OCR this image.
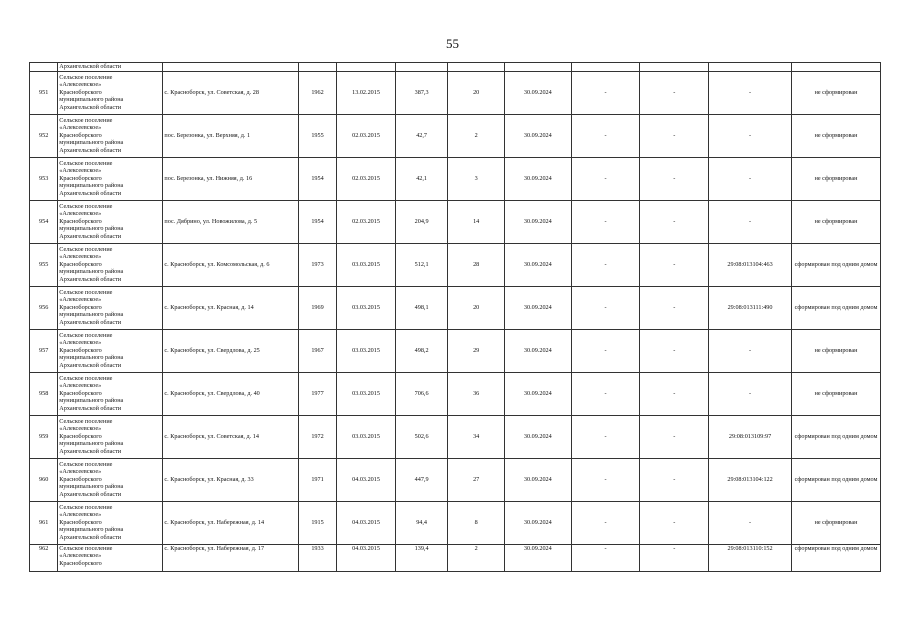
55
	Архангельской области										
951	Сельское поселение
«Алексеевское»
Красноборского
муниципального района
Архангельской области	с. Красноборск, ул. Советская, д. 28	1962	13.02.2015	387,3	20	30.09.2024	-	-	-	не сформирован
952	Сельское поселение
«Алексеевское»
Красноборского
муниципального района
Архангельской области	пос. Березонка, ул. Верхняя, д. 1	1955	02.03.2015	42,7	2	30.09.2024	-	-	-	не сформирован
953	Сельское поселение
«Алексеевское»
Красноборского
муниципального района
Архангельской области	пос. Березонка, ул. Нижняя, д. 16	1954	02.03.2015	42,1	3	30.09.2024	-	-	-	не сформирован
954	Сельское поселение
«Алексеевское»
Красноборского
муниципального района
Архангельской области	пос. Дябрино, ул. Новожилова, д. 5	1954	02.03.2015	204,9	14	30.09.2024	-	-	-	не сформирован
955	Сельское поселение
«Алексеевское»
Красноборского
муниципального района
Архангельской области	с. Красноборск, ул. Комсомольская, д. 6	1973	03.03.2015	512,1	28	30.09.2024	-	-	29:08:013104:463	сформирован под одним домом
956	Сельское поселение
«Алексеевское»
Красноборского
муниципального района
Архангельской области	с. Красноборск, ул. Красная, д. 14	1969	03.03.2015	498,1	20	30.09.2024	-	-	29:08:013111:490	сформирован под одним домом
957	Сельское поселение
«Алексеевское»
Красноборского
муниципального района
Архангельской области	с. Красноборск, ул. Свердлова, д. 25	1967	03.03.2015	498,2	29	30.09.2024	-	-	-	не сформирован
958	Сельское поселение
«Алексеевское»
Красноборского
муниципального района
Архангельской области	с. Красноборск, ул. Свердлова, д. 40	1977	03.03.2015	706,6	36	30.09.2024	-	-	-	не сформирован
959	Сельское поселение
«Алексеевское»
Красноборского
муниципального района
Архангельской области	с. Красноборск, ул. Советская, д. 14	1972	03.03.2015	502,6	34	30.09.2024	-	-	29:08:013109:97	сформирован под одним домом
960	Сельское поселение
«Алексеевское»
Красноборского
муниципального района
Архангельской области	с. Красноборск, ул. Красная, д. 33	1971	04.03.2015	447,9	27	30.09.2024	-	-	29:08:013104:122	сформирован под одним домом
961	Сельское поселение
«Алексеевское»
Красноборского
муниципального района
Архангельской области	с. Красноборск, ул. Набережная, д. 14	1915	04.03.2015	94,4	8	30.09.2024	-	-	-	не сформирован
962	Сельское поселение
«Алексеевское»
Красноборского	с. Красноборск, ул. Набережная, д. 17	1933	04.03.2015	139,4	2	30.09.2024	-	-	29:08:013110:152	сформирован под одним домом
